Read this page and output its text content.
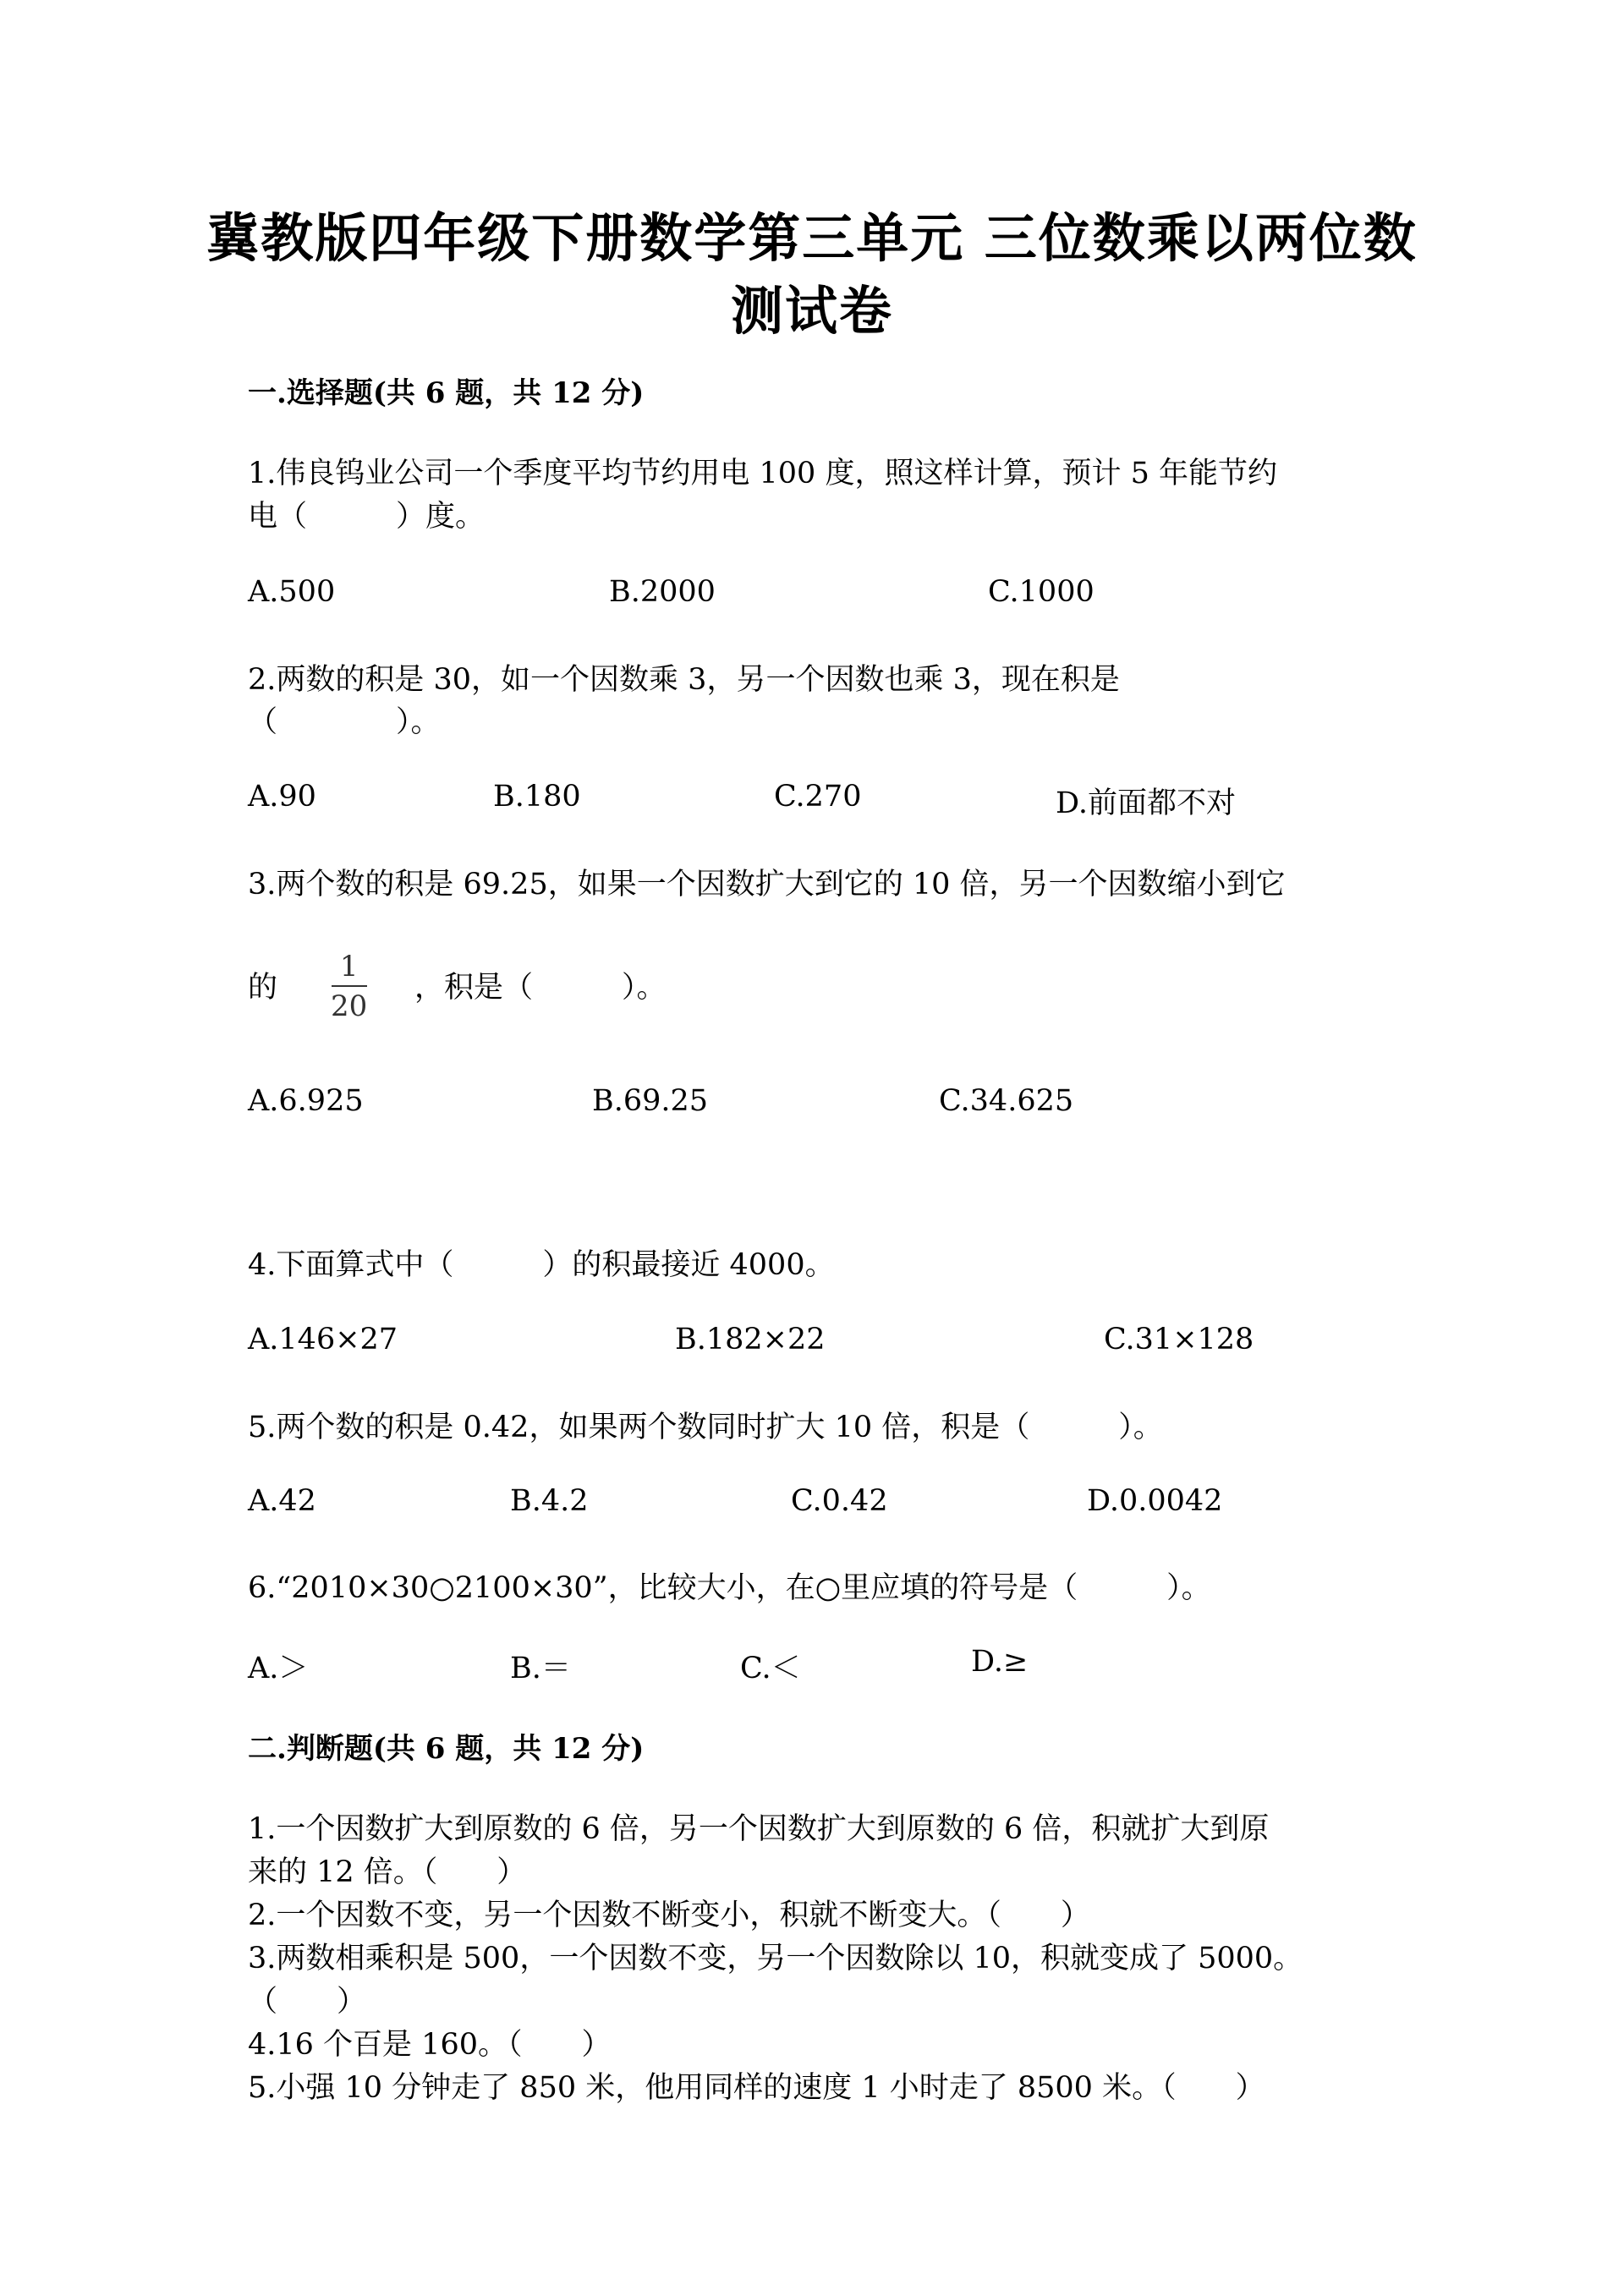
冀教版四年级下册数学第三单元 三位数乘以两位数
测试卷
一.选择题(共 6 题，共 12 分)
1.伟良钨业公司一个季度平均节约用电 100 度，照这样计算，预计 5 年能节约
电（　　　）度。
A.500	B.2000	C.1000
2.两数的积是 30，如一个因数乘 3，另一个因数也乘 3，现在积是
（　　　　）。
A.90	B.180	C.270	D.前面都不对
3.两个数的积是 69.25，如果一个因数扩大到它的 10 倍，另一个因数缩小到它
的
1
20
，积是（　　　）。
A.6.925	B.69.25	C.34.625
4.下面算式中（　　　）的积最接近 4000。
A.146×27	B.182×22	C.31×128
5.两个数的积是 0.42，如果两个数同时扩大 10 倍，积是（　　　）。
A.42	B.4.2	C.0.42	D.0.0042
6.“2010×30○2100×30”，比较大小，在○里应填的符号是（　　　）。
A.＞	B.＝	C.＜	D.≥
二.判断题(共 6 题，共 12 分)
1.一个因数扩大到原数的 6 倍，另一个因数扩大到原数的 6 倍，积就扩大到原
来的 12 倍。（　　）
2.一个因数不变，另一个因数不断变小，积就不断变大。（　　）
3.两数相乘积是 500，一个因数不变，另一个因数除以 10，积就变成了 5000。
（　　）
4.16 个百是 160。（　　）
5.小强 10 分钟走了 850 米，他用同样的速度 1 小时走了 8500 米。（　　）
